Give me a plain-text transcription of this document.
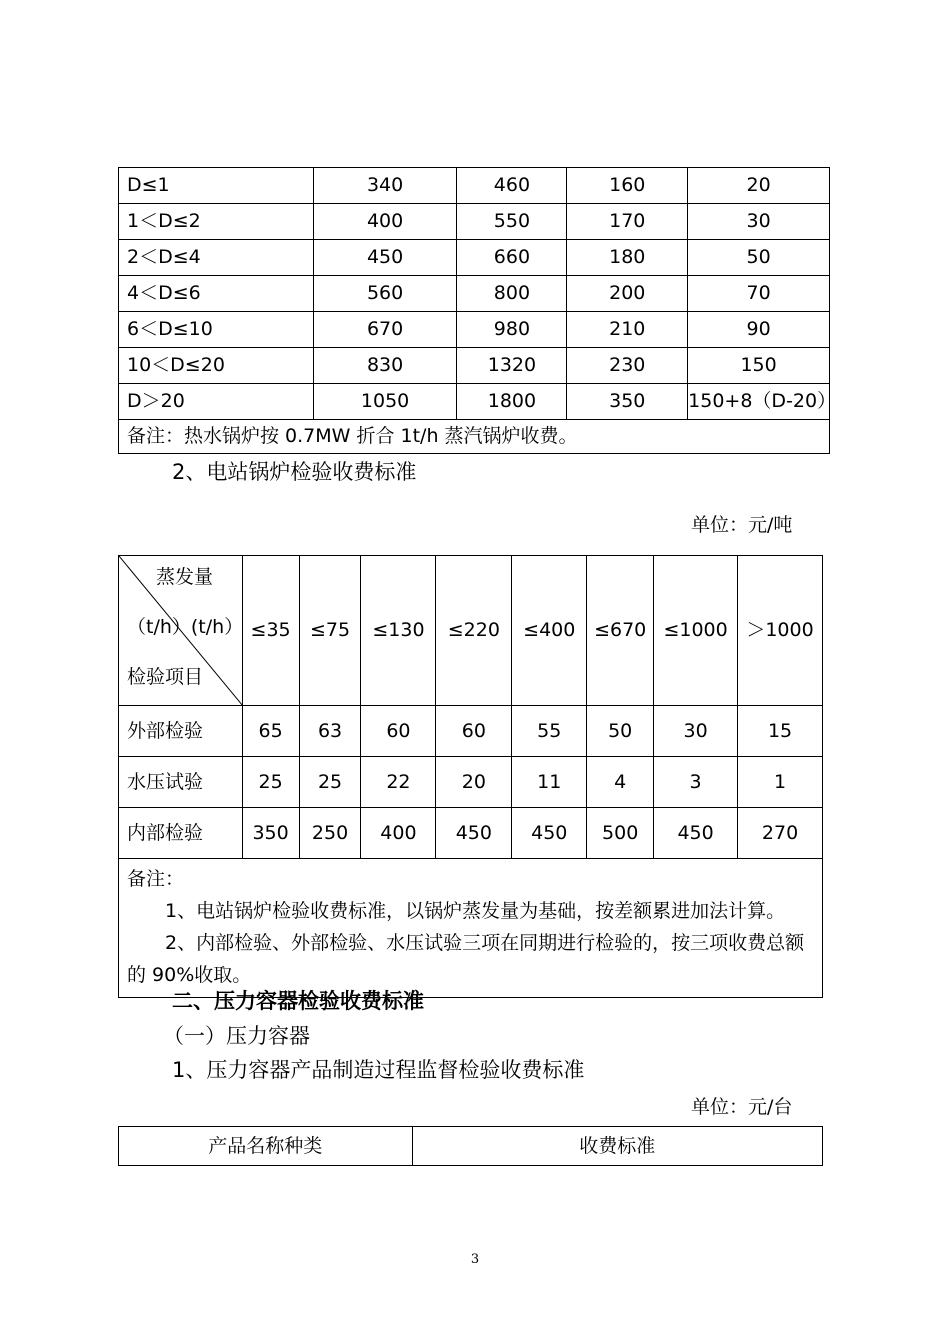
D≤1	340	460	160	20
1＜D≤2	400	550	170	30
2＜D≤4	450	660	180	50
4＜D≤6	560	800	200	70
6＜D≤10	670	980	210	90
10＜D≤20	830	1320	230	150
D＞20	1050	1800	350	150+8（D-20）
备注：热水锅炉按 0.7MW 折合 1t/h 蒸汽锅炉收费。				
2、电站锅炉检验收费标准
单位：元/吨
蒸发量
（t/h）(t/h）
检验项目	≤35	≤75	≤130	≤220	≤400	≤670	≤1000	＞1000
外部检验	65	63	60	60	55	50	30	15
水压试验	25	25	22	20	11	4	3	1
内部检验	350	250	400	450	450	500	450	270

备注：
1、电站锅炉检验收费标准，以锅炉蒸发量为基础，按差额累进加法计算。
2、内部检验、外部检验、水压试验三项在同期进行检验的，按三项收费总额的 90%收取。								
二、压力容器检验收费标准
（一）压力容器
1、压力容器产品制造过程监督检验收费标准
单位：元/台
产品名称种类	收费标准
3
